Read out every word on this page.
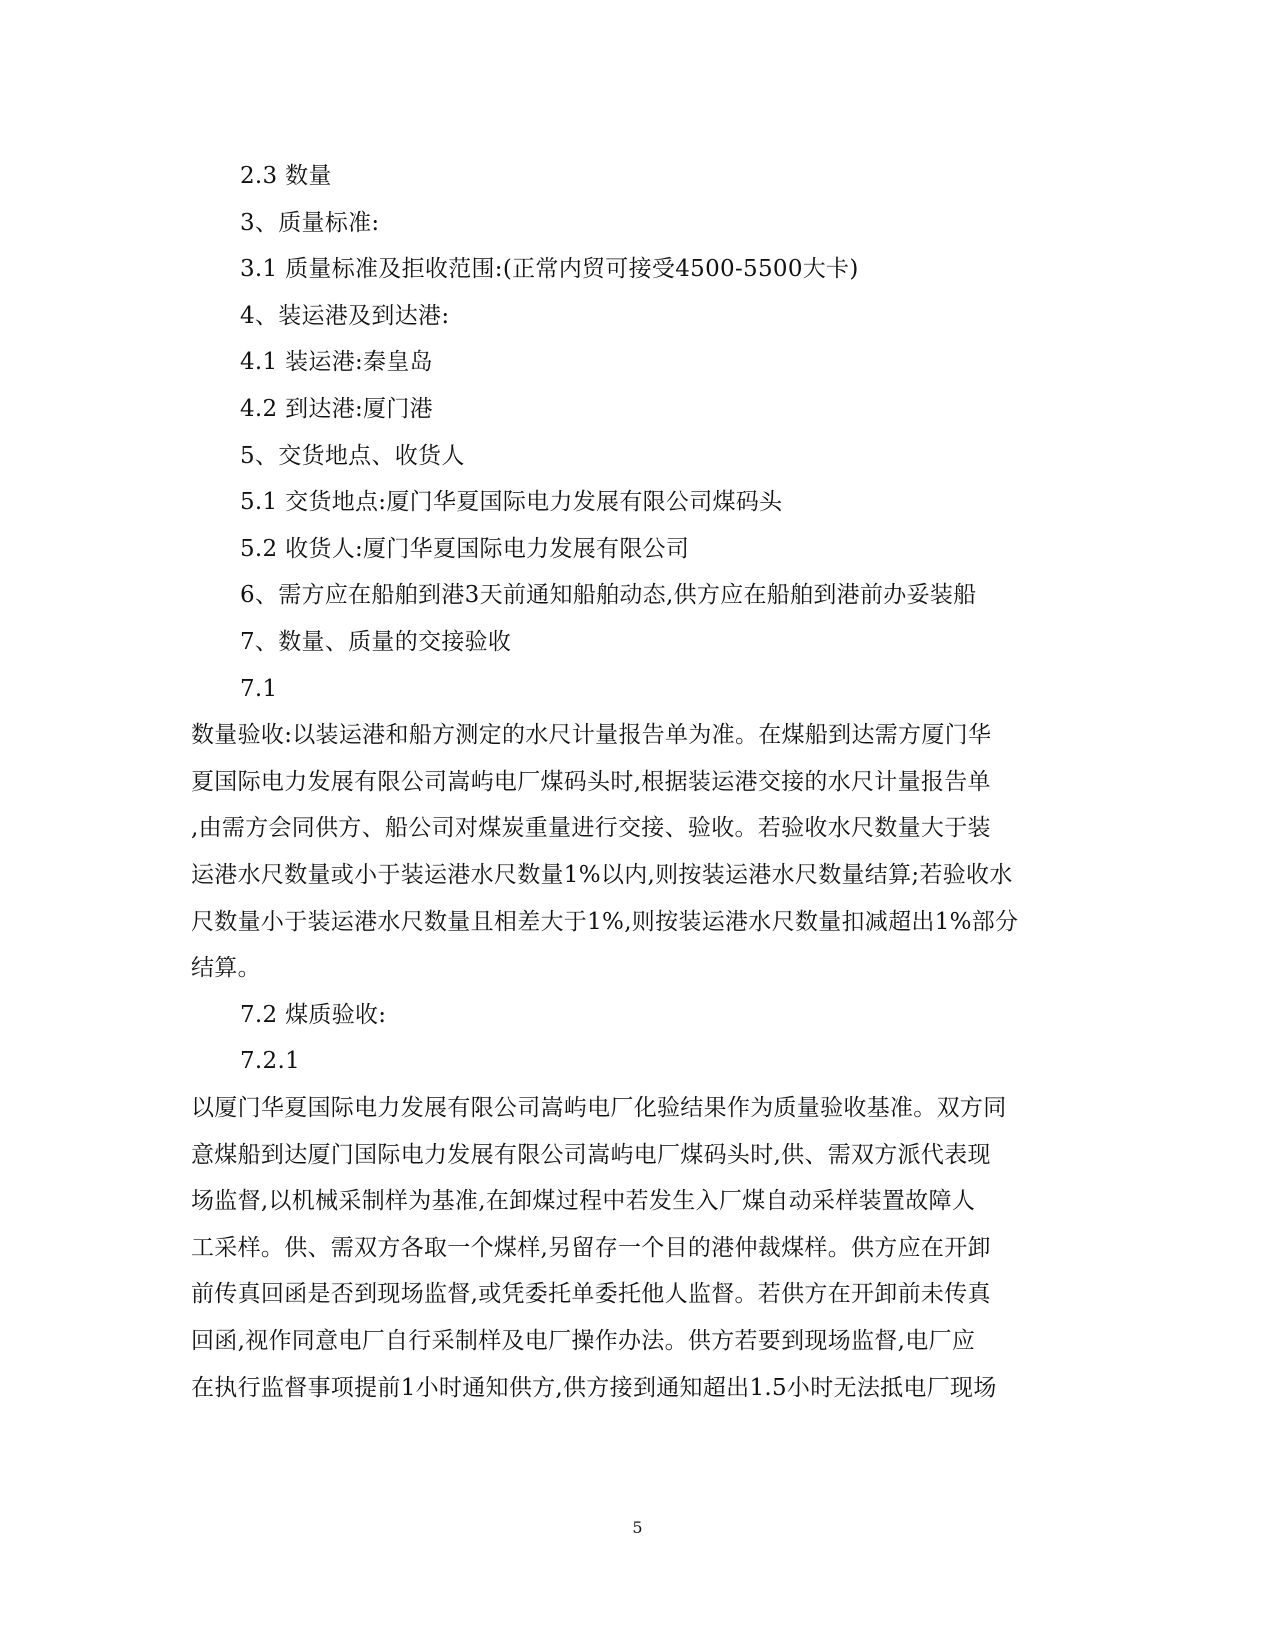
2.3 数量
3、质量标准:
3.1 质量标准及拒收范围:(正常内贸可接受4500-5500大卡)
4、装运港及到达港:
4.1 装运港:秦皇岛
4.2 到达港:厦门港
5、交货地点、收货人
5.1 交货地点:厦门华夏国际电力发展有限公司煤码头
5.2 收货人:厦门华夏国际电力发展有限公司
6、需方应在船舶到港3天前通知船舶动态,供方应在船舶到港前办妥装船
7、数量、质量的交接验收
7.1
数量验收:以装运港和船方测定的水尺计量报告单为准。在煤船到达需方厦门华
夏国际电力发展有限公司嵩屿电厂煤码头时,根据装运港交接的水尺计量报告单
,由需方会同供方、船公司对煤炭重量进行交接、验收。若验收水尺数量大于装
运港水尺数量或小于装运港水尺数量1%以内,则按装运港水尺数量结算;若验收水
尺数量小于装运港水尺数量且相差大于1%,则按装运港水尺数量扣减超出1%部分
结算。
7.2 煤质验收:
7.2.1
以厦门华夏国际电力发展有限公司嵩屿电厂化验结果作为质量验收基准。双方同
意煤船到达厦门国际电力发展有限公司嵩屿电厂煤码头时,供、需双方派代表现
场监督,以机械采制样为基准,在卸煤过程中若发生入厂煤自动采样装置故障人
工采样。供、需双方各取一个煤样,另留存一个目的港仲裁煤样。供方应在开卸
前传真回函是否到现场监督,或凭委托单委托他人监督。若供方在开卸前未传真
回函,视作同意电厂自行采制样及电厂操作办法。供方若要到现场监督,电厂应
在执行监督事项提前1小时通知供方,供方接到通知超出1.5小时无法抵电厂现场
5
